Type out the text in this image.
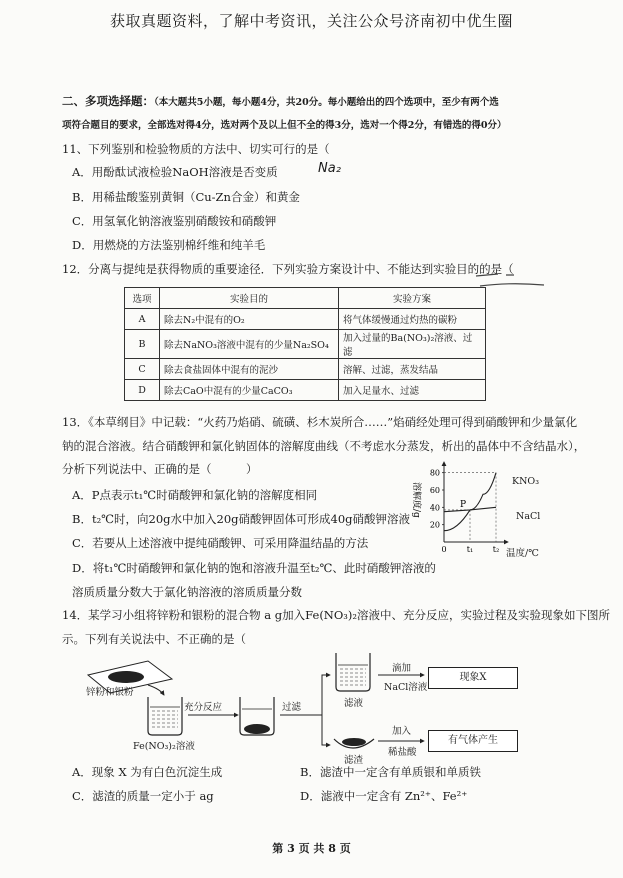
获取真题资料，了解中考资讯，关注公众号济南初中优生圈
二、多项选择题：（本大题共5小题，每小题4分，共20分。每小题给出的四个选项中，至少有两个选
项符合题目的要求，全部选对得4分，选对两个及以上但不全的得3分，选对一个得2分，有错选的得0分）
11、下列鉴别和检验物质的方法中、切实可行的是（
A．用酚酞试液检验NaOH溶液是否变质	Na₂
B．用稀盐酸鉴别黄铜（Cu-Zn合金）和黄金
C．用氢氧化钠溶液鉴别硝酸铵和硝酸钾
D．用燃烧的方法鉴别棉纤维和纯羊毛
12．分离与提纯是获得物质的重要途径．下列实验方案设计中、不能达到实验目的的是（
选项	实验目的	实验方案
A	除去N₂中混有的O₂	将气体缓慢通过灼热的碳粉
B	除去NaNO₃溶液中混有的少量Na₂SO₄	加入过量的Ba(NO₃)₂溶液、过滤
C	除去食盐固体中混有的泥沙	溶解、过滤，蒸发结晶
D	除去CaO中混有的少量CaCO₃	加入足量水、过滤
13．《本草纲目》中记载：“火药乃焰硝、硫磺、杉木炭所合……”焰硝经处理可得到硝酸钾和少量氯化
钠的混合溶液。结合硝酸钾和氯化钠固体的溶解度曲线（不考虑水分蒸发，析出的晶体中不含结晶水），
分析下列说法中、正确的是（　　　）
A．P点表示t₁℃时硝酸钾和氯化钠的溶解度相同
B．t₂℃时，向20g水中加入20g硝酸钾固体可形成40g硝酸钾溶液
C．若要从上述溶液中提纯硝酸钾、可采用降温结晶的方法
D．将t₁℃时硝酸钾和氯化钠的饱和溶液升温至t₂℃、此时硝酸钾溶液的
溶质质量分数大于氯化钠溶液的溶质质量分数
溶解度/g
80
60
40
20
0	t₁ t₂
P
KNO₃
NaCl
温度/℃
14．某学习小组将锌粉和银粉的混合物 a g加入Fe(NO₃)₂溶液中、充分反应，实验过程及实验现象如下图所
示。下列有关说法中、不正确的是（
锌粉和银粉
Fe(NO₃)₂溶液
充分反应	过滤	滤液
滤渣
滴加
NaCl溶液
加入
稀盐酸
现象X
有气体产生
A．现象 X 为有白色沉淀生成	B．滤渣中一定含有单质银和单质铁
C．滤渣的质量一定小于 ag	D．滤液中一定含有 Zn²⁺、Fe²⁺
第 3 页 共 8 页
